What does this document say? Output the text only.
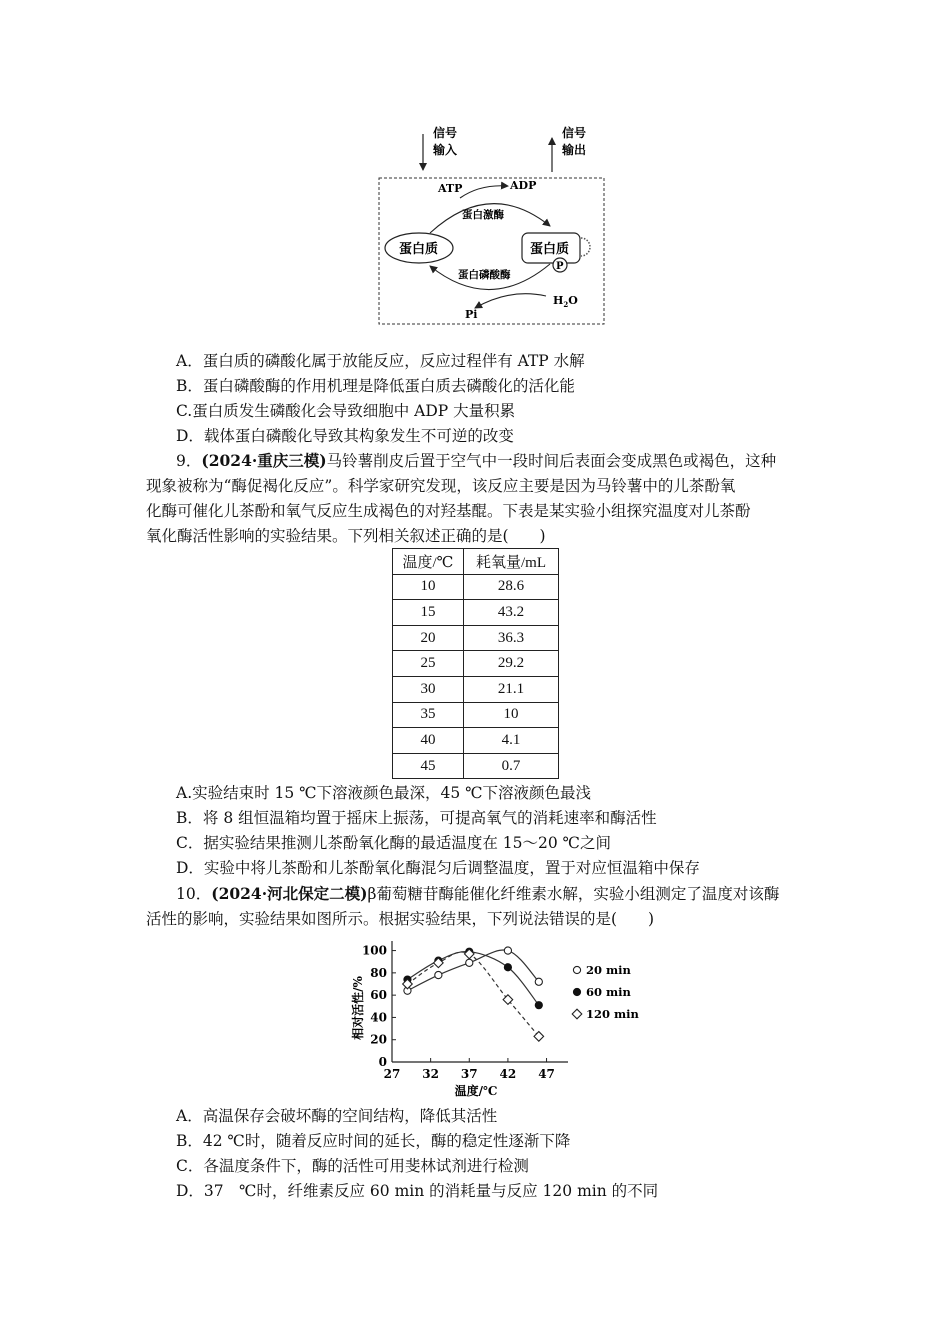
信号
输入
信号
输出
ATP	ADP
蛋白激酶
蛋白磷酸酶
蛋白质	蛋白质
P
$H_2O$
Pi
A．蛋白质的磷酸化属于放能反应，反应过程伴有 ATP 水解
B．蛋白磷酸酶的作用机理是降低蛋白质去磷酸化的活化能
C.蛋白质发生磷酸化会导致细胞中 ADP 大量积累
D．载体蛋白磷酸化导致其构象发生不可逆的改变
9．(2024·重庆三模)马铃薯削皮后置于空气中一段时间后表面会变成黑色或褐色，这种
现象被称为“酶促褐化反应”。科学家研究发现，该反应主要是因为马铃薯中的儿茶酚氧
化酶可催化儿茶酚和氧气反应生成褐色的对羟基醌。下表是某实验小组探究温度对儿茶酚
氧化酶活性影响的实验结果。下列相关叙述正确的是(　　)
温度/℃	耗氧量/mL
10	28.6
15	43.2
20	36.3
25	29.2
30	21.1
35	10
40	4.1
45	0.7
A.实验结束时 15 ℃下溶液颜色最深，45 ℃下溶液颜色最浅
B．将 8 组恒温箱均置于摇床上振荡，可提高氧气的消耗速率和酶活性
C．据实验结果推测儿茶酚氧化酶的最适温度在 15～20 ℃之间
D．实验中将儿茶酚和儿茶酚氧化酶混匀后调整温度，置于对应恒温箱中保存
10．(2024·河北保定二模)β葡萄糖苷酶能催化纤维素水解，实验小组测定了温度对该酶
活性的影响，实验结果如图所示。根据实验结果，下列说法错误的是(　　)
0
20
40
60
80
100
27 32 37 42 47
20 min
60 min
120 min
相对活性/%
温度/℃
A．高温保存会破坏酶的空间结构，降低其活性
B．42 ℃时，随着反应时间的延长，酶的稳定性逐渐下降
C．各温度条件下，酶的活性可用斐林试剂进行检测
D．37　℃时，纤维素反应 60 min 的消耗量与反应 120 min 的不同
